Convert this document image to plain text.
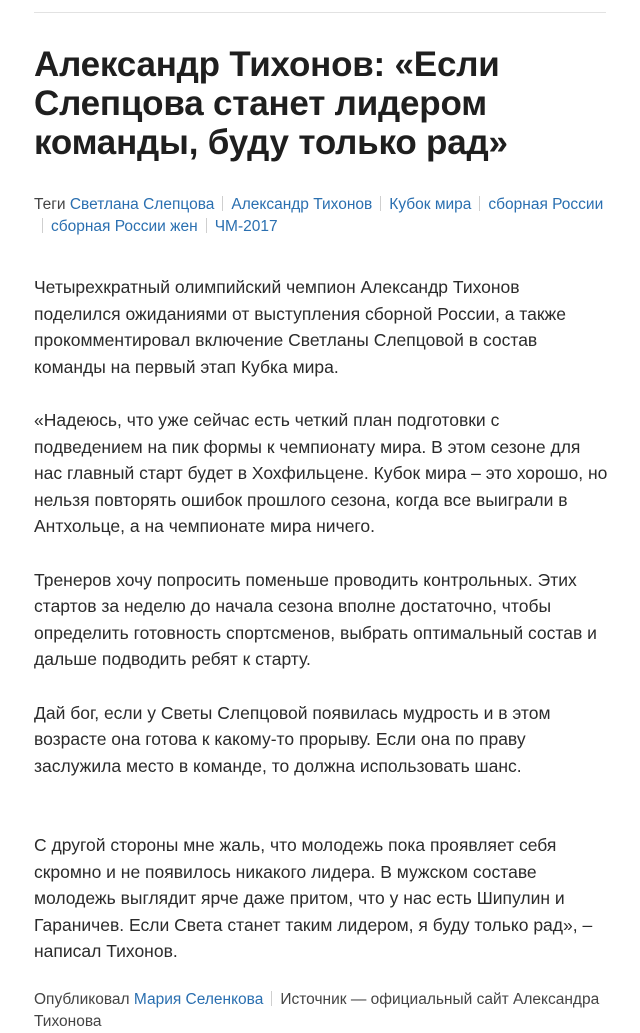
Александр Тихонов: «Если Слепцова станет лидером команды, буду только рад»
Теги Светлана Слепцова Александр Тихонов Кубок мира сборная Россиисборная России жен ЧМ-2017

Четырехкратный олимпийский чемпион Александр Тихонов поделился ожиданиями от выступления сборной России, а также прокомментировал включение Светланы Слепцовой в состав команды на первый этап Кубка мира.

«Надеюсь, что уже сейчас есть четкий план подготовки с подведением на пик формы к чемпионату мира. В этом сезоне для нас главный старт будет в Хохфильцене. Кубок мира – это хорошо, но нельзя повторять ошибок прошлого сезона, когда все выиграли в Антхольце, а на чемпионате мира ничего.

Тренеров хочу попросить поменьше проводить контрольных. Этих стартов за неделю до начала сезона вполне достаточно, чтобы определить готовность спортсменов, выбрать оптимальный состав и дальше подводить ребят к старту.

Дай бог, если у Светы Слепцовой появилась мудрость и в этом возрасте она готова к какому-то прорыву. Если она по праву заслужила место в команде, то должна использовать шанс.

С другой стороны мне жаль, что молодежь пока проявляет себя скромно и не появилось никакого лидера. В мужском составе молодежь выглядит ярче даже притом, что у нас есть Шипулин и Гараничев. Если Света станет таким лидером, я буду только рад», – написал Тихонов.

Опубликовал Мария Селенкова Источник — официальный сайт Александра Тихонова
